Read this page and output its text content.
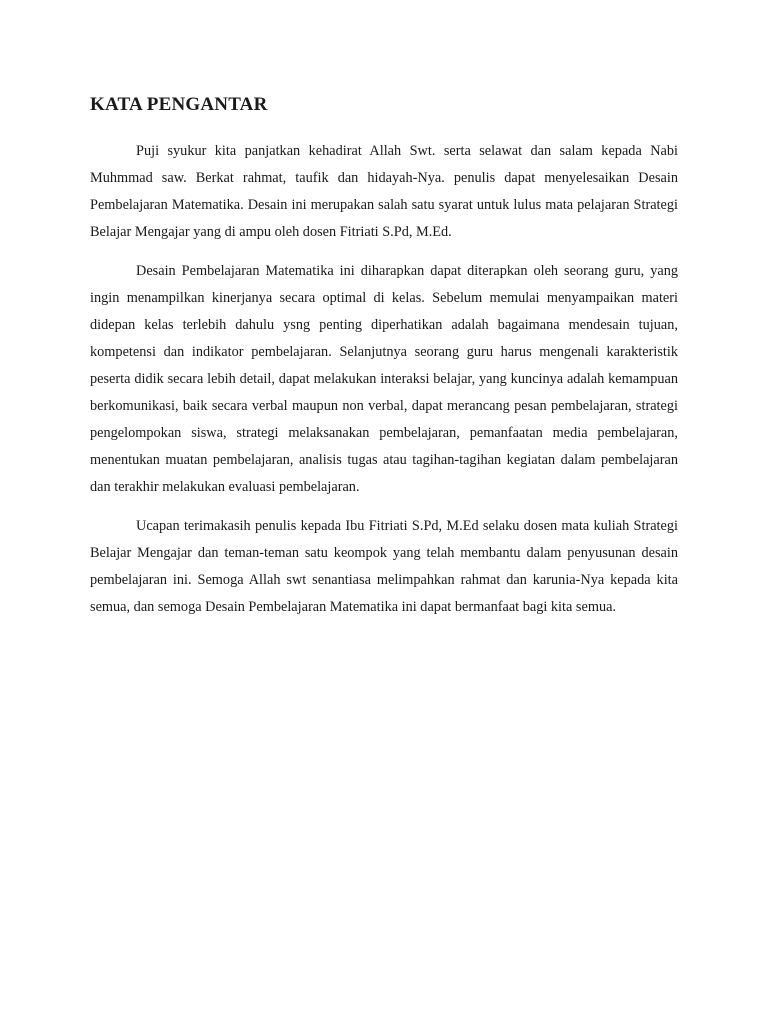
KATA PENGANTAR

Puji syukur kita panjatkan kehadirat Allah Swt. serta selawat dan salam kepada Nabi Muhmmad saw. Berkat rahmat, taufik dan hidayah-Nya. penulis dapat menyelesaikan Desain Pembelajaran Matematika. Desain ini merupakan salah satu syarat untuk lulus mata pelajaran Strategi Belajar Mengajar yang di ampu oleh dosen Fitriati S.Pd, M.Ed.

Desain Pembelajaran Matematika ini diharapkan dapat diterapkan oleh seorang guru, yang ingin menampilkan kinerjanya secara optimal di kelas. Sebelum memulai menyampaikan materi didepan kelas terlebih dahulu ysng penting diperhatikan adalah bagaimana mendesain tujuan, kompetensi dan indikator pembelajaran. Selanjutnya seorang guru harus mengenali karakteristik peserta didik secara lebih detail, dapat melakukan interaksi belajar, yang kuncinya adalah kemampuan berkomunikasi, baik secara verbal maupun non verbal, dapat merancang pesan pembelajaran, strategi pengelompokan siswa, strategi melaksanakan pembelajaran, pemanfaatan media pembelajaran, menentukan muatan pembelajaran, analisis tugas atau tagihan-tagihan kegiatan dalam pembelajaran dan terakhir melakukan evaluasi pembelajaran.

Ucapan terimakasih penulis kepada Ibu Fitriati S.Pd, M.Ed selaku dosen mata kuliah Strategi Belajar Mengajar dan teman-teman satu keompok yang telah membantu dalam penyusunan desain pembelajaran ini. Semoga Allah swt senantiasa melimpahkan rahmat dan karunia-Nya kepada kita semua, dan semoga Desain Pembelajaran Matematika ini dapat bermanfaat bagi kita semua.
